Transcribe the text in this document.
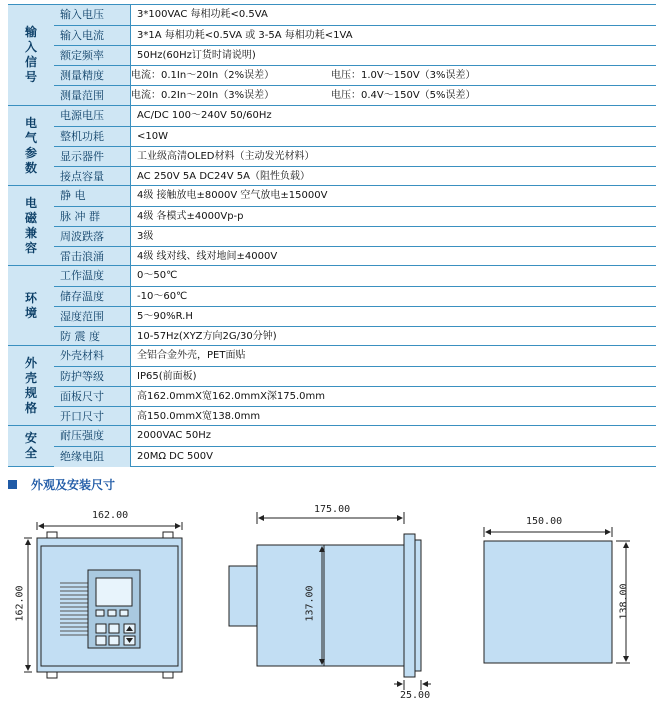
输入信号
输入电压	3*100VAC 每相功耗<0.5VA
输入电流	3*1A 每相功耗<0.5VA 或 3-5A 每相功耗<1VA
额定频率	50Hz(60Hz订货时请说明)
测量精度	电流：0.1In～20In（2%误差）	电压：1.0V～150V（3%误差）
测量范围	电流：0.2In～20In（3%误差）	电压：0.4V～150V（5%误差）
电气参数
电源电压	AC/DC 100～240V 50/60Hz
整机功耗	<10W
显示器件	工业级高清OLED材料（主动发光材料）
接点容量	AC 250V 5A DC24V 5A（阻性负载）
电磁兼容
静 电	4级 接触放电±8000V 空气放电±15000V
脉 冲 群	4级 各模式±4000Vp-p
周波跌落	3级
雷击浪涌	4级 线对线、线对地间±4000V
环境
工作温度	0～50℃
储存温度	-10～60℃
湿度范围	5～90%R.H
防 震 度	10-57Hz(XYZ方向2G/30分钟)
外壳规格
外壳材料	全铝合金外壳，PET面贴
防护等级	IP65(前面板)
面板尺寸	高162.0mmX宽162.0mmX深175.0mm
开口尺寸	高150.0mmX宽138.0mm
安全
耐压强度	2000VAC 50Hz
绝缘电阻	20MΩ DC 500V
外观及安装尺寸
162.00
162.00
175.00
137.00
25.00
150.00
138.00
